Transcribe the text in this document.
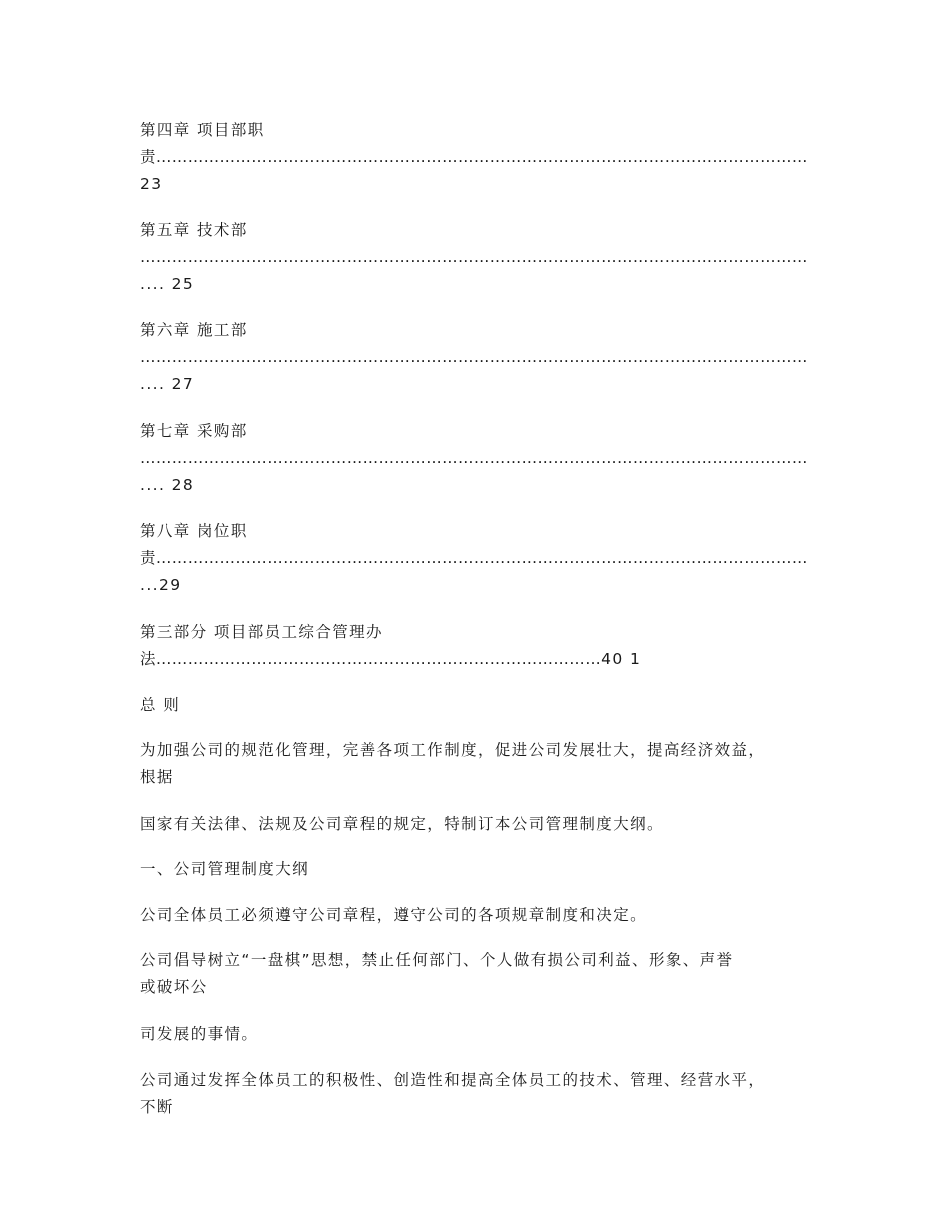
第四章 项目部职
责……………………………………………………………………………………………………………
23
第五章 技术部
………………………………………………………………………………………………………………
.... 25
第六章 施工部
………………………………………………………………………………………………………………
.... 27
第七章 采购部
………………………………………………………………………………………………………………
.... 28
第八章 岗位职
责……………………………………………………………………………………………………………
...29
第三部分 项目部员工综合管理办
法…………………………………………………………………………40 1
总 则
为加强公司的规范化管理，完善各项工作制度，促进公司发展壮大，提高经济效益，
根据
国家有关法律、法规及公司章程的规定，特制订本公司管理制度大纲。
一、公司管理制度大纲
公司全体员工必须遵守公司章程，遵守公司的各项规章制度和决定。
公司倡导树立“一盘棋”思想，禁止任何部门、个人做有损公司利益、形象、声誉
或破坏公
司发展的事情。
公司通过发挥全体员工的积极性、创造性和提高全体员工的技术、管理、经营水平，
不断
